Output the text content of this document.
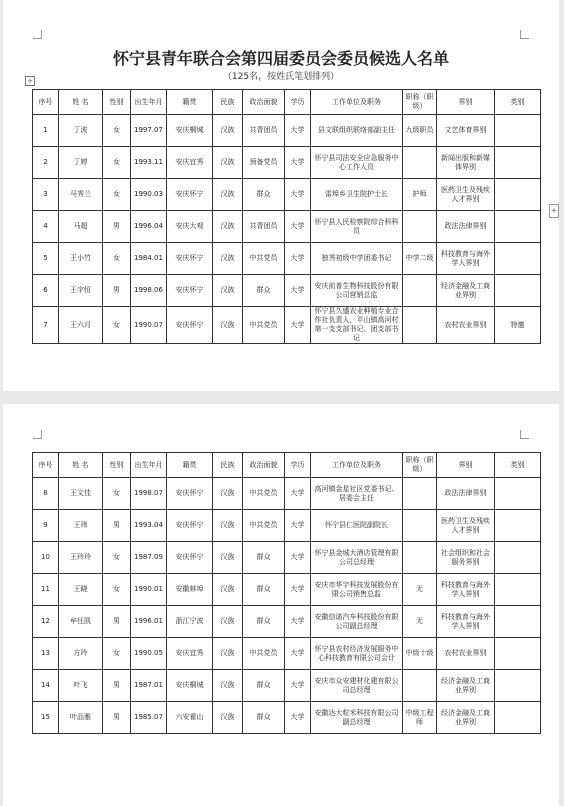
怀宁县青年联合会第四届委员会委员候选人名单
（125名，按姓氏笔划排列）
+
+
序号	姓 名	性别	出生年月	籍贯	民族	政治面貌	学历	工作单位及职务	职称（职级）	界别	类别
1	丁波	女	1997.07	安庆桐城	汉族	共青团员	大学	县文联组织联络部副主任	九级职员	文艺体育界别	
2	丁婷	女	1993.11	安庆宜秀	汉族	预备党员	大学	怀宁县司法安全应急服务中心工作人员		新闻出版和新媒体界别	
3	马秀兰	女	1990.03	安庆怀宁	汉族	群众	大学	雷埠乡卫生院护士长	护师	医药卫生及残疾人才界别	
4	马超	男	1996.04	安庆大观	汉族	共青团员	大学	怀宁县人民检察院综合科科员		政法法律界别	
5	王小竹	女	1984.01	安庆怀宁	汉族	中共党员	大学	独秀初级中学团委书记	中学二级	科技教育与海外学人界别	
6	王宇恒	男	1998.06	安庆怀宁	汉族	群众	大学	安庆前普生物科技股份有限公司营销总监		经济金融及工商业界别	
7	王六月	女	1990.07	安庆怀宁	汉族	中共党员	大学	怀宁县久盛农业种植专业合作社负责人，平山镇高河村第一支支部书记、团支部书记		农村农业界别	特邀
序号	姓 名	性别	出生年月	籍贯	民族	政治面貌	学历	工作单位及职务	职称（职级）	界别	类别
8	王文佳	女	1998.07	安庆怀宁	汉族	中共党员	大学	高河镇金星社区党委书记、居委会主任		政法法律界别	
9	王玮	男	1993.04	安庆怀宁	汉族	中共党员	大学	怀宁县仁医院副院长		医药卫生及残疾人才界别	
10	王玲玲	女	1987.09	安庆怀宁	汉族	群众	大学	怀宁县金城大酒店管理有限公司总经理		社会组织和社会服务界别	
11	王晓	女	1990.01	安徽蚌埠	汉族	群众	大学	安庆市华宇科技发展股份有限公司销售总监	无	科技教育与海外学人界别	
12	牟任凯	男	1996.01	浙江宁波	汉族	群众	大学	安徽信诺汽车科技股份有限公司副总经理	无	科技教育与海外学人界别	
13	方玲	女	1990.05	安庆宜秀	汉族	中共党员	大学	怀宁县农村经济发展服务中心科技教育有限公司会计	中级十级	农村农业界别	
14	叶飞	男	1987.01	安庆桐城	汉族	群众	大学	安庆市众安建材化建有限公司总经理		经济金融及工商业界别	
15	叶品雅	男	1985.07	六安霍山	汉族	群众	大学	安徽达大粒米科技有限公司副总经理	中级工程师	经济金融及工商业界别	
